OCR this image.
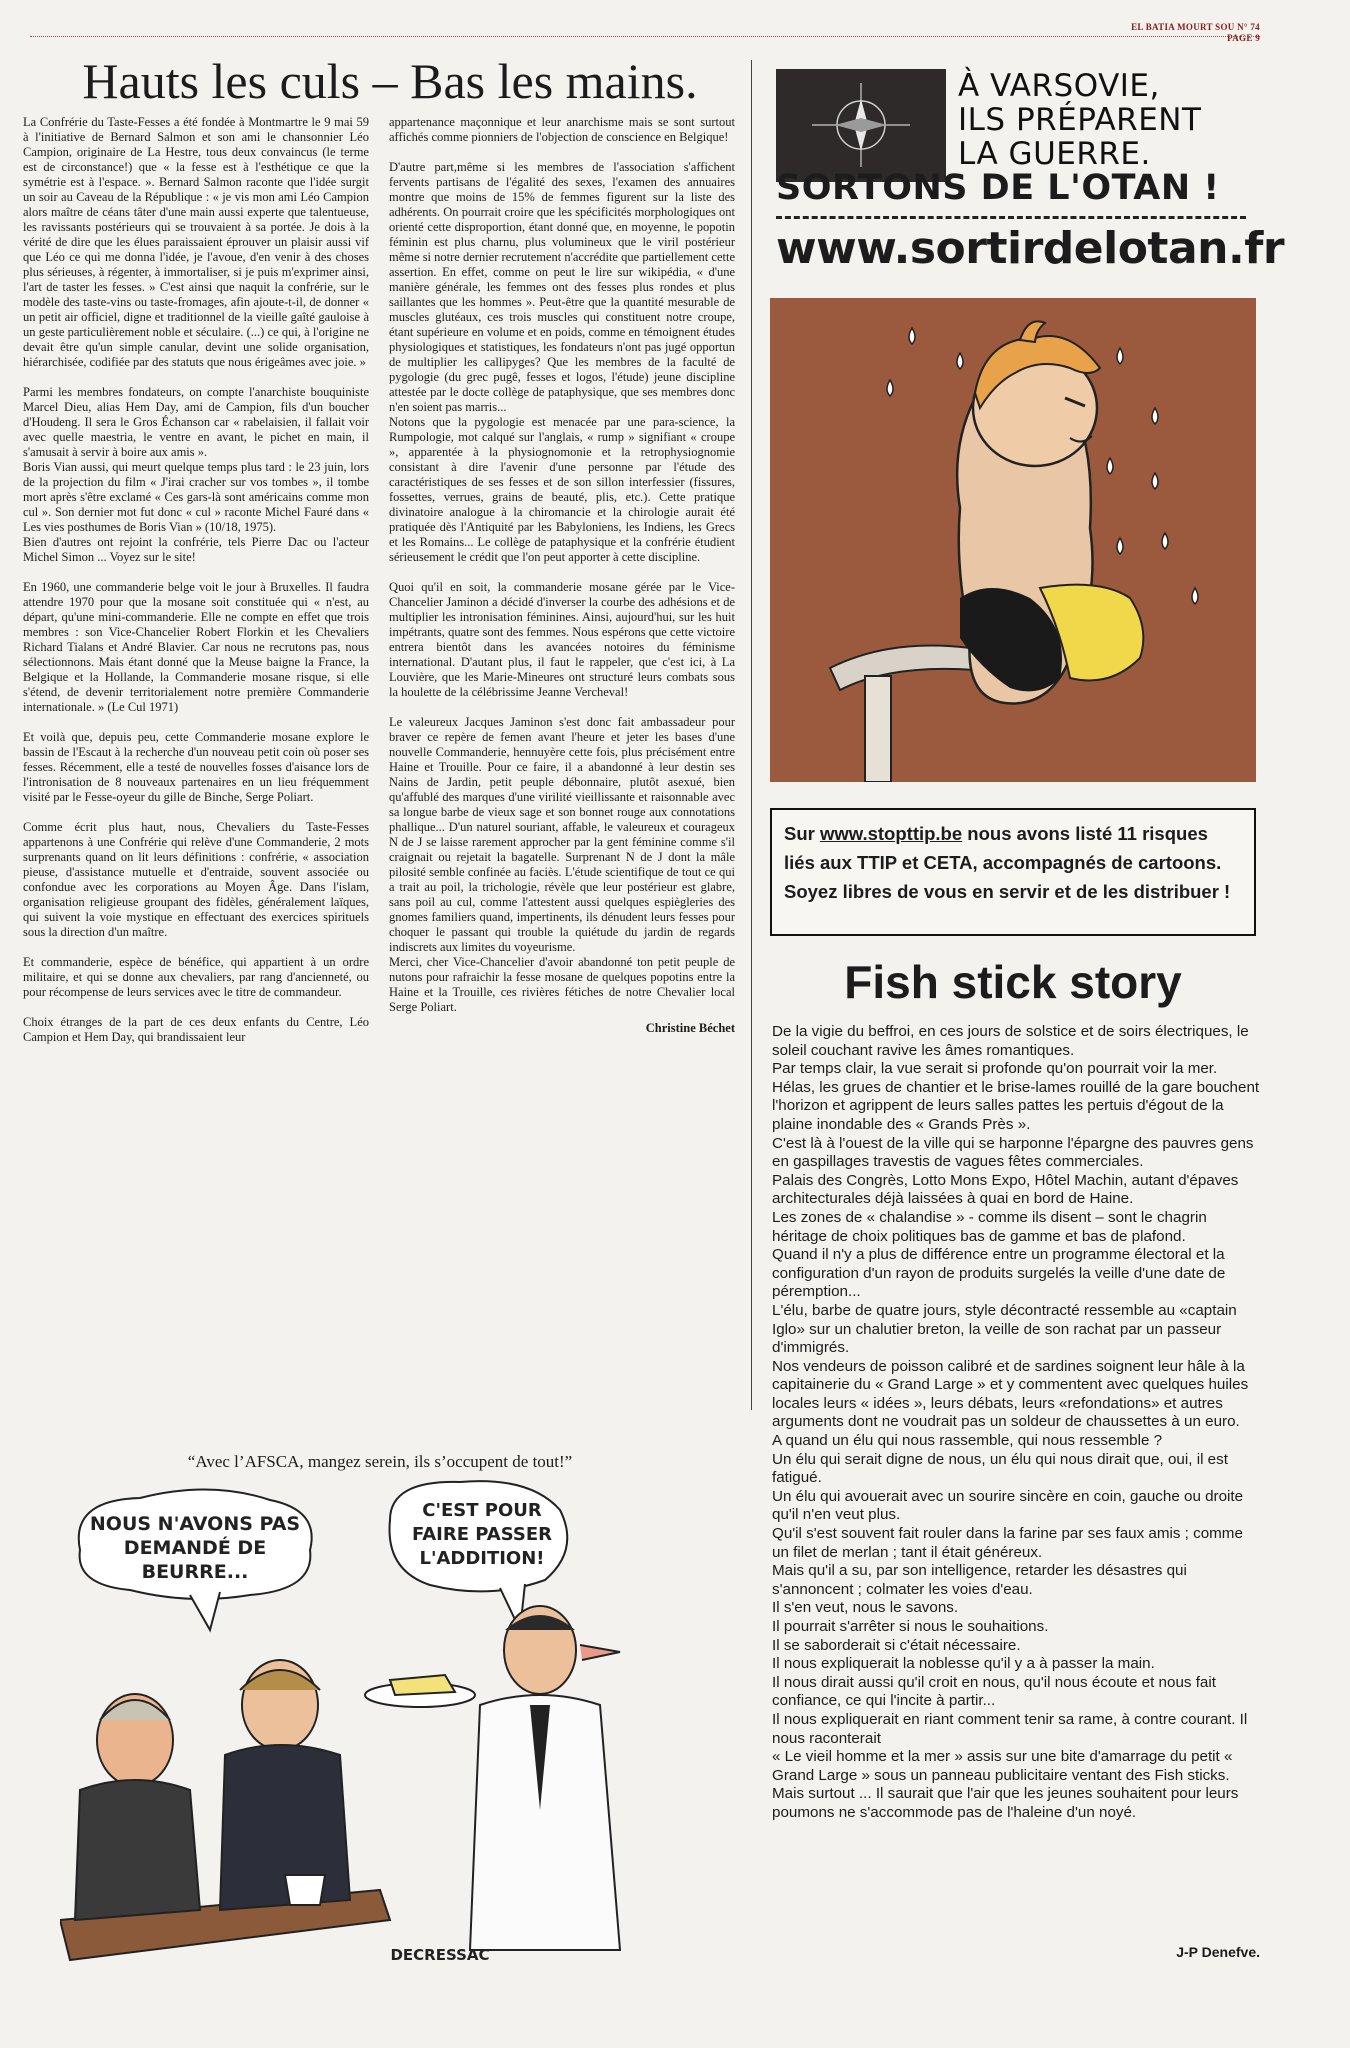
EL BATIA MOURT SOU N° 74
PAGE 9
Hauts les culs – Bas les mains.

La Confrérie du Taste-Fesses a été fondée à Montmartre le 9 mai 59 à l'initiative de Bernard Salmon et son ami le chansonnier Léo Campion, originaire de La Hestre, tous deux convaincus (le terme est de circonstance!) que « la fesse est à l'esthétique ce que la symétrie est à l'espace. ». Bernard Salmon raconte que l'idée surgit un soir au Caveau de la République : « je vis mon ami Léo Campion alors maître de céans tâter d'une main aussi experte que talentueuse, les ravissants postérieurs qui se trouvaient à sa portée. Je dois à la vérité de dire que les élues paraissaient éprouver un plaisir aussi vif que Léo ce qui me donna l'idée, je l'avoue, d'en venir à des choses plus sérieuses, à régenter, à immortaliser, si je puis m'exprimer ainsi, l'art de taster les fesses. » C'est ainsi que naquit la confrérie, sur le modèle des taste-vins ou taste-fromages, afin ajoute-t-il, de donner « un petit air officiel, digne et traditionnel de la vieille gaîté gauloise à un geste particulièrement noble et séculaire. (...) ce qui, à l'origine ne devait être qu'un simple canular, devint une solide organisation, hiérarchisée, codifiée par des statuts que nous érigeâmes avec joie. »

Parmi les membres fondateurs, on compte l'anarchiste bouquiniste Marcel Dieu, alias Hem Day, ami de Campion, fils d'un boucher d'Houdeng. Il sera le Gros Échanson car « rabelaisien, il fallait voir avec quelle maestria, le ventre en avant, le pichet en main, il s'amusait à servir à boire aux amis ».

Boris Vian aussi, qui meurt quelque temps plus tard : le 23 juin, lors de la projection du film « J'irai cracher sur vos tombes », il tombe mort après s'être exclamé « Ces gars-là sont américains comme mon cul ». Son dernier mot fut donc « cul » raconte Michel Fauré dans « Les vies posthumes de Boris Vian » (10/18, 1975).

Bien d'autres ont rejoint la confrérie, tels Pierre Dac ou l'acteur Michel Simon ... Voyez sur le site!

En 1960, une commanderie belge voit le jour à Bruxelles. Il faudra attendre 1970 pour que la mosane soit constituée qui « n'est, au départ, qu'une mini-commanderie. Elle ne compte en effet que trois membres : son Vice-Chancelier Robert Florkin et les Chevaliers Richard Tialans et André Blavier. Car nous ne recrutons pas, nous sélectionnons. Mais étant donné que la Meuse baigne la France, la Belgique et la Hollande, la Commanderie mosane risque, si elle s'étend, de devenir territorialement notre première Commanderie internationale. » (Le Cul 1971)

Et voilà que, depuis peu, cette Commanderie mosane explore le bassin de l'Escaut à la recherche d'un nouveau petit coin où poser ses fesses. Récemment, elle a testé de nouvelles fosses d'aisance lors de l'intronisation de 8 nouveaux partenaires en un lieu fréquemment visité par le Fesse-oyeur du gille de Binche, Serge Poliart.

Comme écrit plus haut, nous, Chevaliers du Taste-Fesses appartenons à une Confrérie qui relève d'une Commanderie, 2 mots surprenants quand on lit leurs définitions : confrérie, « association pieuse, d'assistance mutuelle et d'entraide, souvent associée ou confondue avec les corporations au Moyen Âge. Dans l'islam, organisation religieuse groupant des fidèles, généralement laïques, qui suivent la voie mystique en effectuant des exercices spirituels sous la direction d'un maître.

Et commanderie, espèce de bénéfice, qui appartient à un ordre militaire, et qui se donne aux chevaliers, par rang d'ancienneté, ou pour récompense de leurs services avec le titre de commandeur.

Choix étranges de la part de ces deux enfants du Centre, Léo Campion et Hem Day, qui brandissaient leur

appartenance maçonnique et leur anarchisme mais se sont surtout affichés comme pionniers de l'objection de conscience en Belgique!

D'autre part,même si les membres de l'association s'affichent fervents partisans de l'égalité des sexes, l'examen des annuaires montre que moins de 15% de femmes figurent sur la liste des adhérents. On pourrait croire que les spécificités morphologiques ont orienté cette disproportion, étant donné que, en moyenne, le popotin féminin est plus charnu, plus volumineux que le viril postérieur même si notre dernier recrutement n'accrédite que partiellement cette assertion. En effet, comme on peut le lire sur wikipédia, « d'une manière générale, les femmes ont des fesses plus rondes et plus saillantes que les hommes ». Peut-être que la quantité mesurable de muscles glutéaux, ces trois muscles qui constituent notre croupe, étant supérieure en volume et en poids, comme en témoignent études physiologiques et statistiques, les fondateurs n'ont pas jugé opportun de multiplier les callipyges? Que les membres de la faculté de pygologie (du grec pugê, fesses et logos, l'étude) jeune discipline attestée par le docte collège de pataphysique, que ses membres donc n'en soient pas marris...

Notons que la pygologie est menacée par une para-science, la Rumpologie, mot calqué sur l'anglais, « rump » signifiant « croupe », apparentée à la physiognomonie et la retrophysiognomie consistant à dire l'avenir d'une personne par l'étude des caractéristiques de ses fesses et de son sillon interfessier (fissures, fossettes, verrues, grains de beauté, plis, etc.). Cette pratique divinatoire analogue à la chiromancie et la chirologie aurait été pratiquée dès l'Antiquité par les Babyloniens, les Indiens, les Grecs et les Romains... Le collège de pataphysique et la confrérie étudient sérieusement le crédit que l'on peut apporter à cette discipline.

Quoi qu'il en soit, la commanderie mosane gérée par le Vice-Chancelier Jaminon a décidé d'inverser la courbe des adhésions et de multiplier les intronisation féminines. Ainsi, aujourd'hui, sur les huit impétrants, quatre sont des femmes. Nous espérons que cette victoire entrera bientôt dans les avancées notoires du féminisme international. D'autant plus, il faut le rappeler, que c'est ici, à La Louvière, que les Marie-Mineures ont structuré leurs combats sous la houlette de la célébrissime Jeanne Vercheval!

Le valeureux Jacques Jaminon s'est donc fait ambassadeur pour braver ce repère de femen avant l'heure et jeter les bases d'une nouvelle Commanderie, hennuyère cette fois, plus précisément entre Haine et Trouille. Pour ce faire, il a abandonné à leur destin ses Nains de Jardin, petit peuple débonnaire, plutôt asexué, bien qu'affublé des marques d'une virilité vieillissante et raisonnable avec sa longue barbe de vieux sage et son bonnet rouge aux connotations phallique... D'un naturel souriant, affable, le valeureux et courageux N de J se laisse rarement approcher par la gent féminine comme s'il craignait ou rejetait la bagatelle. Surprenant N de J dont la mâle pilosité semble confinée au faciès. L'étude scientifique de tout ce qui a trait au poil, la trichologie, révèle que leur postérieur est glabre, sans poil au cul, comme l'attestent aussi quelques espiègleries des gnomes familiers quand, impertinents, ils dénudent leurs fesses pour choquer le passant qui trouble la quiétude du jardin de regards indiscrets aux limites du voyeurisme.

Merci, cher Vice-Chancelier d'avoir abandonné ton petit peuple de nutons pour rafraichir la fesse mosane de quelques popotins entre la Haine et la Trouille, ces rivières fétiches de notre Chevalier local Serge Poliart.

Christine Béchet
À VARSOVIE,
ILS PRÉPARENT
LA GUERRE.
SORTONS DE L'OTAN !
www.sortirdelotan.fr
Sur www.stopttip.be nous avons listé 11 risques liés aux TTIP et CETA, accompagnés de cartoons. Soyez libres de vous en servir et de les distribuer !
Fish stick story
De la vigie du beffroi, en ces jours de solstice et de soirs électriques, le soleil couchant ravive les âmes romantiques.
Par temps clair, la vue serait si profonde qu'on pourrait voir la mer.
Hélas, les grues de chantier et le brise-lames rouillé de la gare bouchent l'horizon et agrippent de leurs salles pattes les pertuis d'égout de la plaine inondable des « Grands Près ».
C'est là à l'ouest de la ville qui se harponne l'épargne des pauvres gens en gaspillages travestis de vagues fêtes commerciales.
Palais des Congrès, Lotto Mons Expo, Hôtel Machin, autant d'épaves architecturales déjà laissées à quai en bord de Haine.
Les zones de « chalandise » - comme ils disent – sont le chagrin héritage de choix politiques bas de gamme et bas de plafond.
Quand il n'y a plus de différence entre un programme électoral et la configuration d'un rayon de produits surgelés la veille d'une date de péremption...
L'élu, barbe de quatre jours, style décontracté ressemble au «captain Iglo» sur un chalutier breton, la veille de son rachat par un passeur d'immigrés.
Nos vendeurs de poisson calibré et de sardines soignent leur hâle à la capitainerie du « Grand Large » et y commentent avec quelques huiles locales leurs « idées », leurs débats, leurs «refondations» et autres arguments dont ne voudrait pas un soldeur de chaussettes à un euro.
A quand un élu qui nous rassemble, qui nous ressemble ?
Un élu qui serait digne de nous, un élu qui nous dirait que, oui, il est fatigué.
Un élu qui avouerait avec un sourire sincère en coin, gauche ou droite qu'il n'en veut plus.
Qu'il s'est souvent fait rouler dans la farine par ses faux amis ; comme un filet de merlan ; tant il était généreux.
Mais qu'il a su, par son intelligence, retarder les désastres qui s'annoncent ; colmater les voies d'eau.
Il s'en veut, nous le savons.
Il pourrait s'arrêter si nous le souhaitions.
Il se saborderait si c'était nécessaire.
Il nous expliquerait la noblesse qu'il y a à passer la main.
Il nous dirait aussi qu'il croit en nous, qu'il nous écoute et nous fait confiance, ce qui l'incite à partir...
Il nous expliquerait en riant comment tenir sa rame, à contre courant. Il nous raconterait
« Le vieil homme et la mer » assis sur une bite d'amarrage du petit « Grand Large » sous un panneau publicitaire ventant des Fish sticks.
Mais surtout ... Il saurait que l'air que les jeunes souhaitent pour leurs poumons ne s'accommode pas de l'haleine d'un noyé.
J-P Denefve.
“Avec l’AFSCA, mangez serein, ils s’occupent de tout!”
NOUS N'AVONS PAS
DEMANDÉ DE
BEURRE...
C'EST POUR
FAIRE PASSER
L'ADDITION!
DECRESSAC
